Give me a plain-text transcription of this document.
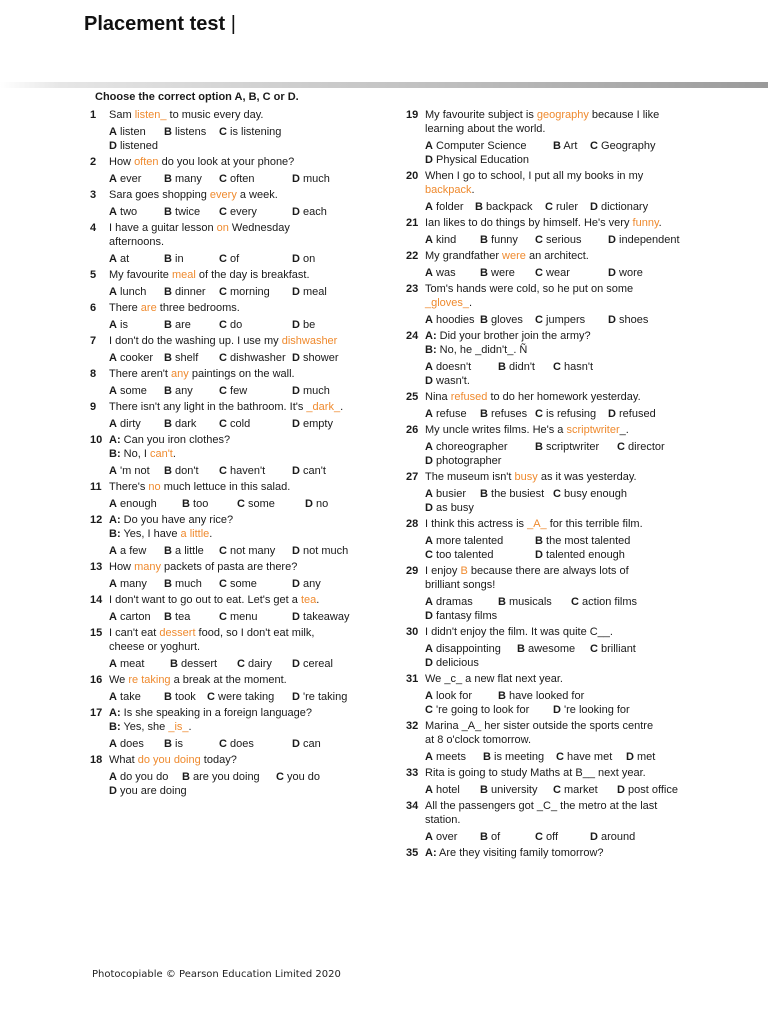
Placement test |
Choose the correct option A, B, C or D.
1 Sam listen_ to music every day.
A listen B listens C is listening
D listened
2 How often do you look at your phone?
A ever B many C often	D much
3 Sara goes shopping every a week.
A two B twice C every	D each
4 I have a guitar lesson on Wednesday
afternoons.
A at	B in	C of	D on
5 My favourite meal of the day is breakfast.
A lunch B dinner C morning D meal
6 There are three bedrooms.
A is	B are	C do	D be
7 I don't do the washing up. I use my dishwasher
A cooker B shelf C dishwasher D shower
8 There aren't any paintings on the wall.
A some B any C few	D much
9 There isn't any light in the bathroom. It's _dark_.
A dirty B dark C cold	D empty
10 A: Can you iron clothes?
B: No, I can't.
A 'm not B don't C haven't D can't
11 There's no much lettuce in this salad.
A enough B too	C some	D no
12 A: Do you have any rice?
B: Yes, I have a little.
A a few B a little C not many D not much
13 How many packets of pasta are there?
A many B much C some	D any
14 I don't want to go out to eat. Let's get a tea.
A carton B tea	C menu	D takeaway
15 I can't eat dessert food, so I don't eat milk,
cheese or yoghurt.
A meat B dessert C dairy D cereal
16 We re taking a break at the moment.
A take B took C were taking D 're taking
17 A: Is she speaking in a foreign language?
B: Yes, she _is_.
A does B is	C does	D can
18 What do you doing today?
A do you do B are you doing C you do
D you are doing
19 My favourite subject is geography because I like
learning about the world.
A Computer Science B Art C Geography
D Physical Education
20 When I go to school, I put all my books in my
backpack.
A folder B backpack C ruler D dictionary
21 Ian likes to do things by himself. He's very funny.
A kind B funny C serious D independent
22 My grandfather were an architect.
A was B were C wear	D wore
23 Tom's hands were cold, so he put on some
_gloves_.
A hoodies B gloves C jumpers D shoes
24 A: Did your brother join the army?
B: No, he _didn't_. Ñ
A doesn't B didn't C hasn't
D wasn't.
25 Nina refused to do her homework yesterday.
A refuse B refuses C is refusing D refused
26 My uncle writes films. He's a scriptwriter_.
A choreographer B scriptwriter C director
D photographer
27 The museum isn't busy as it was yesterday.
A busier B the busiest C busy enough
D as busy
28 I think this actress is _A_ for this terrible film.
A more talented	B the most talented
C too talented	D talented enough
29 I enjoy B because there are always lots of
brilliant songs!
A dramas B musicals C action films
D fantasy films
30 I didn't enjoy the film. It was quite C__.
A disappointing B awesome C brilliant
D delicious
31 We _c_ a new flat next year.
A look for B have looked for
C 're going to look for D 're looking for
32 Marina _A_ her sister outside the sports centre
at 8 o'clock tomorrow.
A meets B is meeting C have met D met
33 Rita is going to study Maths at B__ next year.
A hotel B university C market D post office
34 All the passengers got _C_ the metro at the last
station.
A over B of	C off	D around
35 A: Are they visiting family tomorrow?
Photocopiable © Pearson Education Limited 2020
